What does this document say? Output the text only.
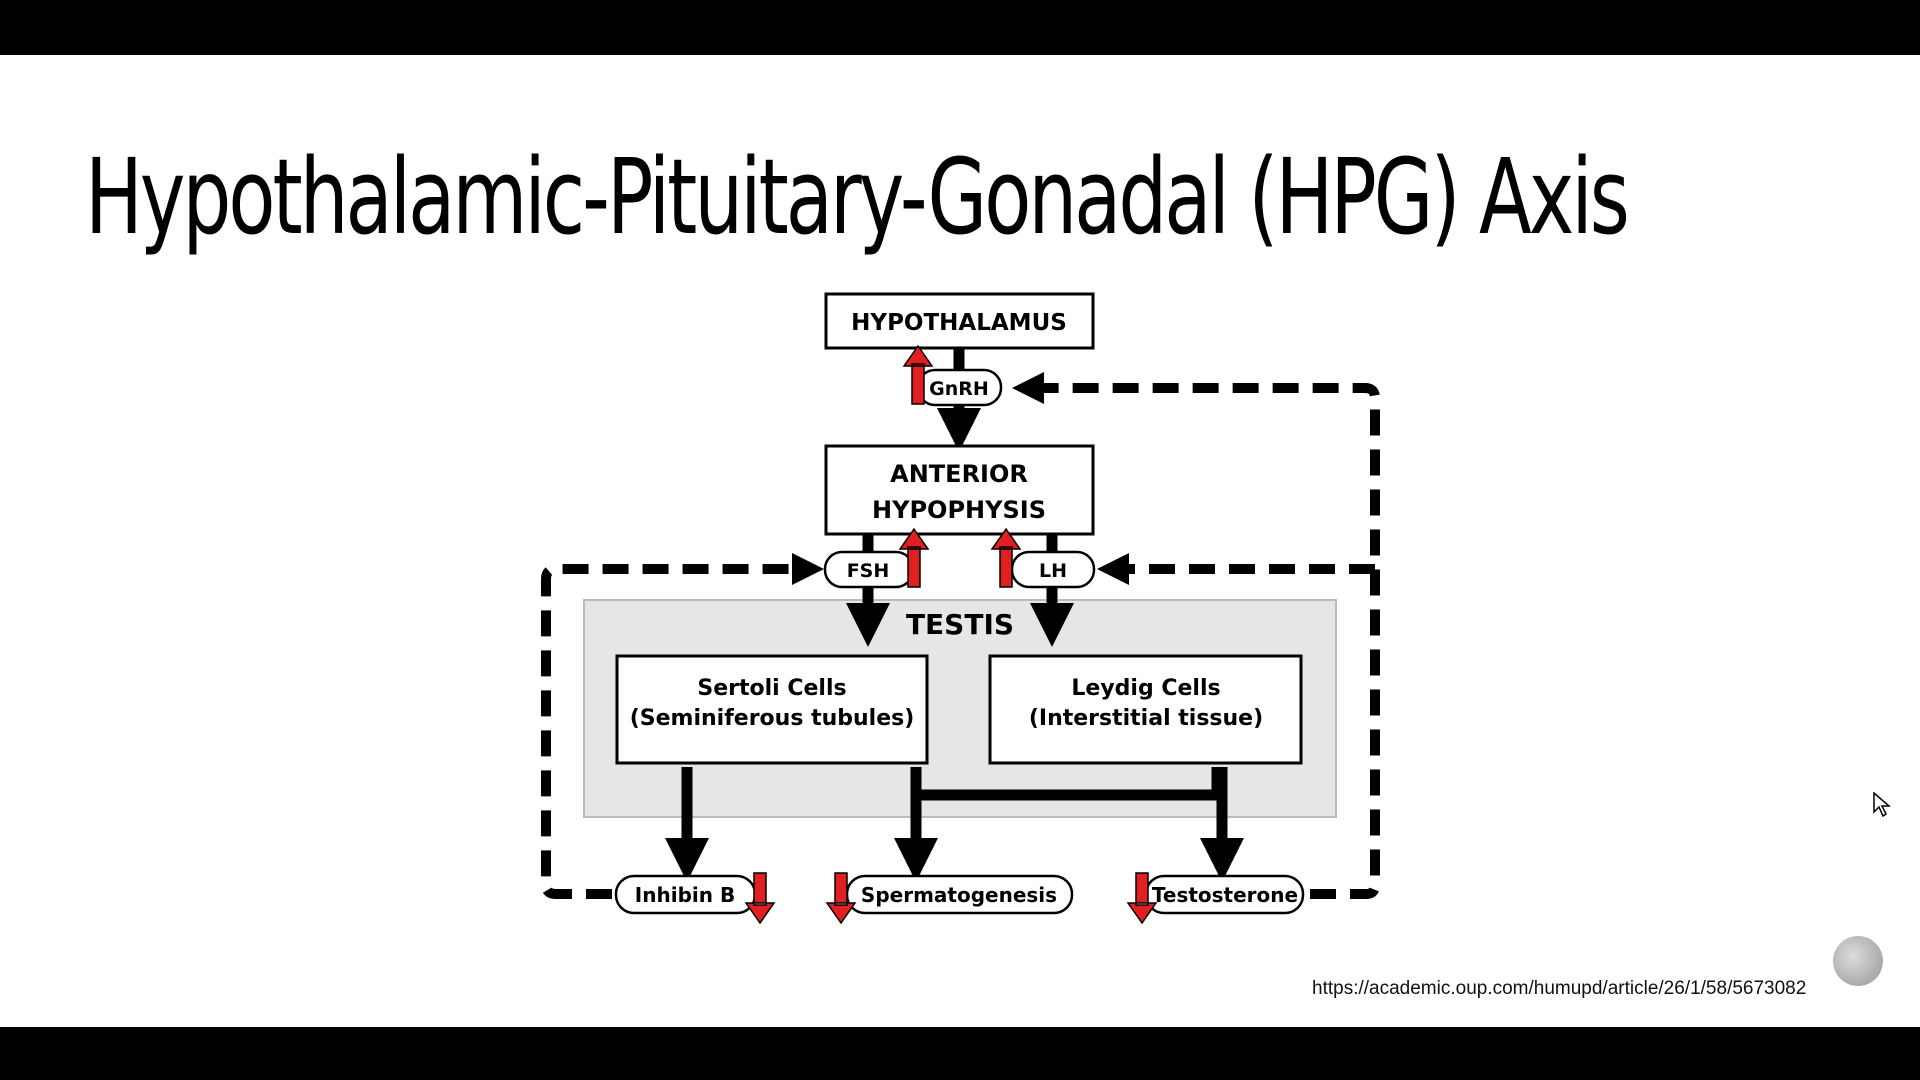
Hypothalamic-Pituitary-Gonadal (HPG) Axis
TESTIS
HYPOTHALAMUS
ANTERIOR
HYPOPHYSIS
Sertoli Cells
(Seminiferous tubules)
Leydig Cells
(Interstitial tissue)
GnRH
FSH	LH
Inhibin B	Spermatogenesis	Testosterone
https://academic.oup.com/humupd/article/26/1/58/5673082
